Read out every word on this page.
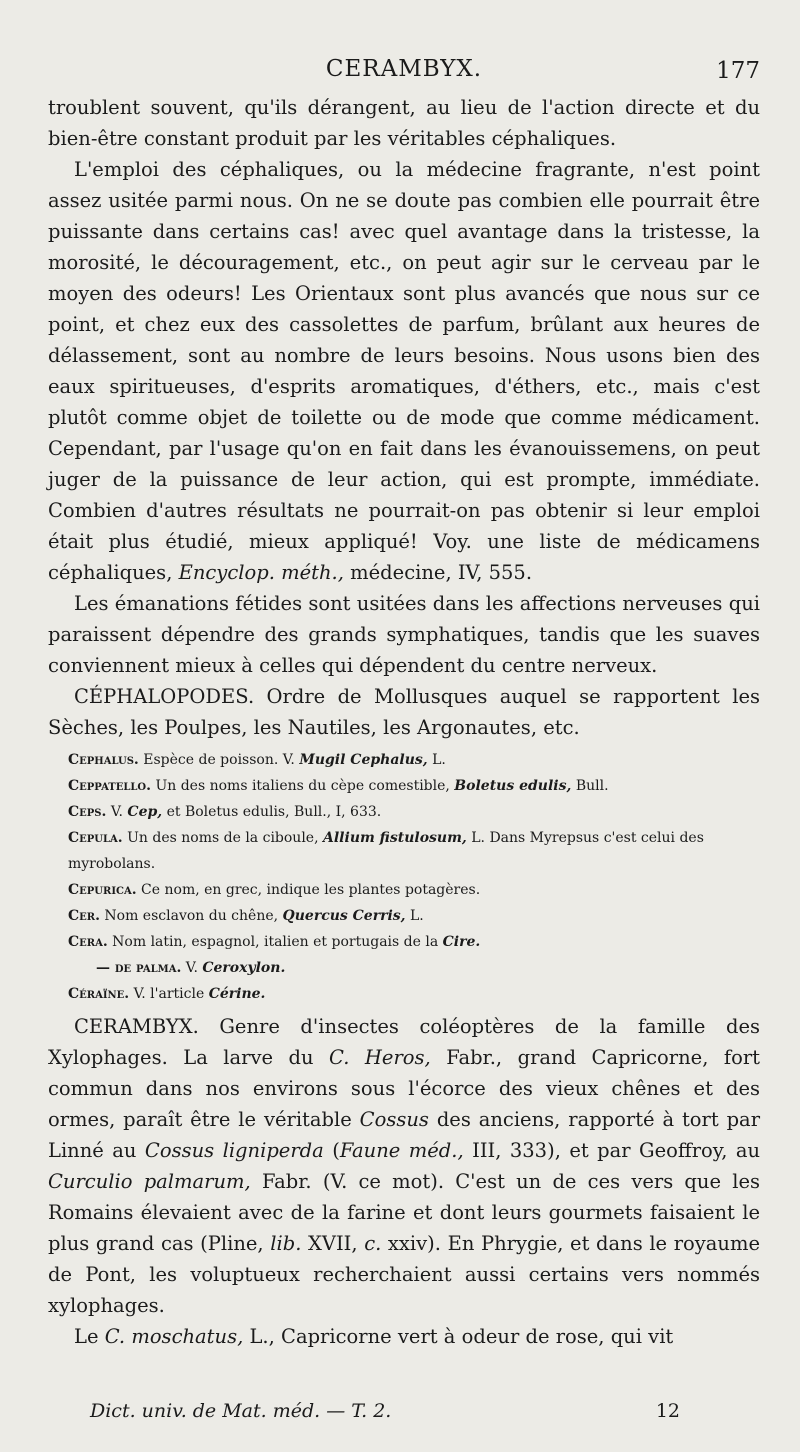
CERAMBYX.	177

troublent souvent, qu'ils dérangent, au lieu de l'action directe et du bien-être constant produit par les véritables céphaliques.

L'emploi des céphaliques, ou la médecine fragrante, n'est point assez usitée parmi nous. On ne se doute pas combien elle pourrait être puissante dans certains cas! avec quel avantage dans la tristesse, la morosité, le découragement, etc., on peut agir sur le cerveau par le moyen des odeurs! Les Orientaux sont plus avancés que nous sur ce point, et chez eux des cassolettes de parfum, brûlant aux heures de délassement, sont au nombre de leurs besoins. Nous usons bien des eaux spiritueuses, d'esprits aromatiques, d'éthers, etc., mais c'est plutôt comme objet de toilette ou de mode que comme médicament. Cependant, par l'usage qu'on en fait dans les évanouissemens, on peut juger de la puissance de leur action, qui est prompte, immédiate. Combien d'autres résultats ne pourrait-on pas obtenir si leur emploi était plus étudié, mieux appliqué! Voy. une liste de médicamens céphaliques, Encyclop. méth., médecine, IV, 555.

Les émanations fétides sont usitées dans les affections nerveuses qui paraissent dépendre des grands symphatiques, tandis que les suaves conviennent mieux à celles qui dépendent du centre nerveux.

CÉPHALOPODES. Ordre de Mollusques auquel se rapportent les Sèches, les Poulpes, les Nautiles, les Argonautes, etc.

Cephalus. Espèce de poisson. V. Mugil Cephalus, L.
Ceppatello. Un des noms italiens du cèpe comestible, Boletus edulis, Bull.
Ceps. V. Cep, et Boletus edulis, Bull., I, 633.
Cepula. Un des noms de la ciboule, Allium fistulosum, L. Dans Myrepsus c'est celui des myrobolans.
Cepurica. Ce nom, en grec, indique les plantes potagères.
Cer. Nom esclavon du chêne, Quercus Cerris, L.
Cera. Nom latin, espagnol, italien et portugais de la Cire.
— de palma. V. Ceroxylon.
Céraïne. V. l'article Cérine.

CERAMBYX. Genre d'insectes coléoptères de la famille des Xylophages. La larve du C. Heros, Fabr., grand Capricorne, fort commun dans nos environs sous l'écorce des vieux chênes et des ormes, paraît être le véritable Cossus des anciens, rapporté à tort par Linné au Cossus ligniperda (Faune méd., III, 333), et par Geoffroy, au Curculio palmarum, Fabr. (V. ce mot). C'est un de ces vers que les Romains élevaient avec de la farine et dont leurs gourmets faisaient le plus grand cas (Pline, lib. XVII, c. xxiv). En Phrygie, et dans le royaume de Pont, les voluptueux recherchaient aussi certains vers nommés xylophages.

Le C. moschatus, L., Capricorne vert à odeur de rose, qui vit

Dict. univ. de Mat. méd. — T. 2.	12
